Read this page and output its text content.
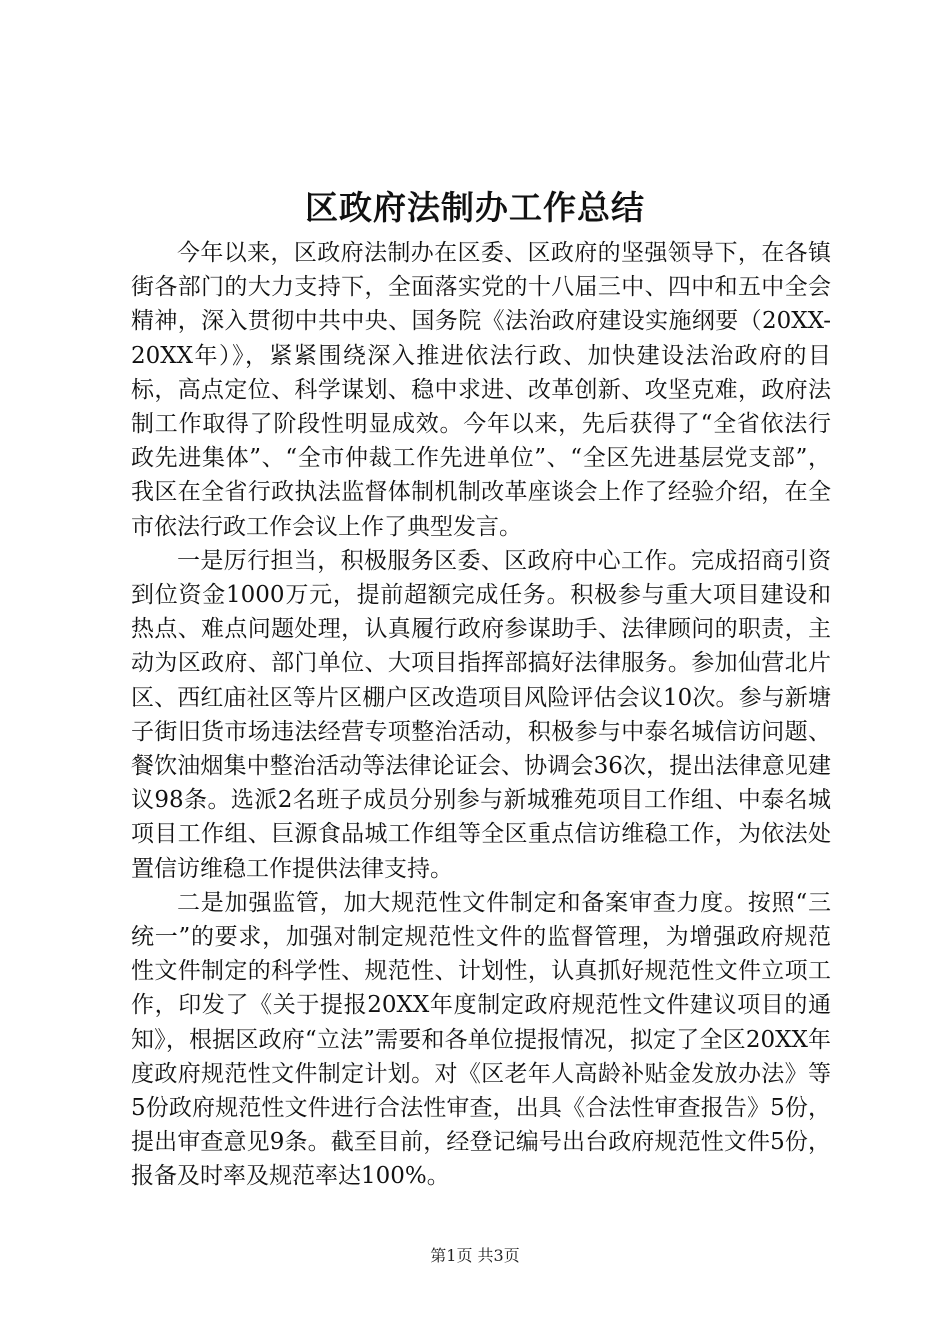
区政府法制办工作总结

今年以来，区政府法制办在区委、区政府的坚强领导下，在各镇街各部门的大力支持下，全面落实党的十八届三中、四中和五中全会精神，深入贯彻中共中央、国务院《法治政府建设实施纲要（20XX-20XX年）》，紧紧围绕深入推进依法行政、加快建设法治政府的目标，高点定位、科学谋划、稳中求进、改革创新、攻坚克难，政府法制工作取得了阶段性明显成效。今年以来，先后获得了“全省依法行政先进集体”、“全市仲裁工作先进单位”、“全区先进基层党支部”，我区在全省行政执法监督体制机制改革座谈会上作了经验介绍，在全市依法行政工作会议上作了典型发言。

一是厉行担当，积极服务区委、区政府中心工作。完成招商引资到位资金1000万元，提前超额完成任务。积极参与重大项目建设和热点、难点问题处理，认真履行政府参谋助手、法律顾问的职责，主动为区政府、部门单位、大项目指挥部搞好法律服务。参加仙营北片区、西红庙社区等片区棚户区改造项目风险评估会议10次。参与新塘子街旧货市场违法经营专项整治活动，积极参与中泰名城信访问题、餐饮油烟集中整治活动等法律论证会、协调会36次，提出法律意见建议98条。选派2名班子成员分别参与新城雅苑项目工作组、中泰名城项目工作组、巨源食品城工作组等全区重点信访维稳工作，为依法处置信访维稳工作提供法律支持。

二是加强监管，加大规范性文件制定和备案审查力度。按照“三统一”的要求，加强对制定规范性文件的监督管理，为增强政府规范性文件制定的科学性、规范性、计划性，认真抓好规范性文件立项工作，印发了《关于提报20XX年度制定政府规范性文件建议项目的通知》，根据区政府“立法”需要和各单位提报情况，拟定了全区20XX年度政府规范性文件制定计划。对《区老年人高龄补贴金发放办法》等5份政府规范性文件进行合法性审查，出具《合法性审查报告》5份，提出审查意见9条。截至目前，经登记编号出台政府规范性文件5份，报备及时率及规范率达100%。

第1页 共3页
